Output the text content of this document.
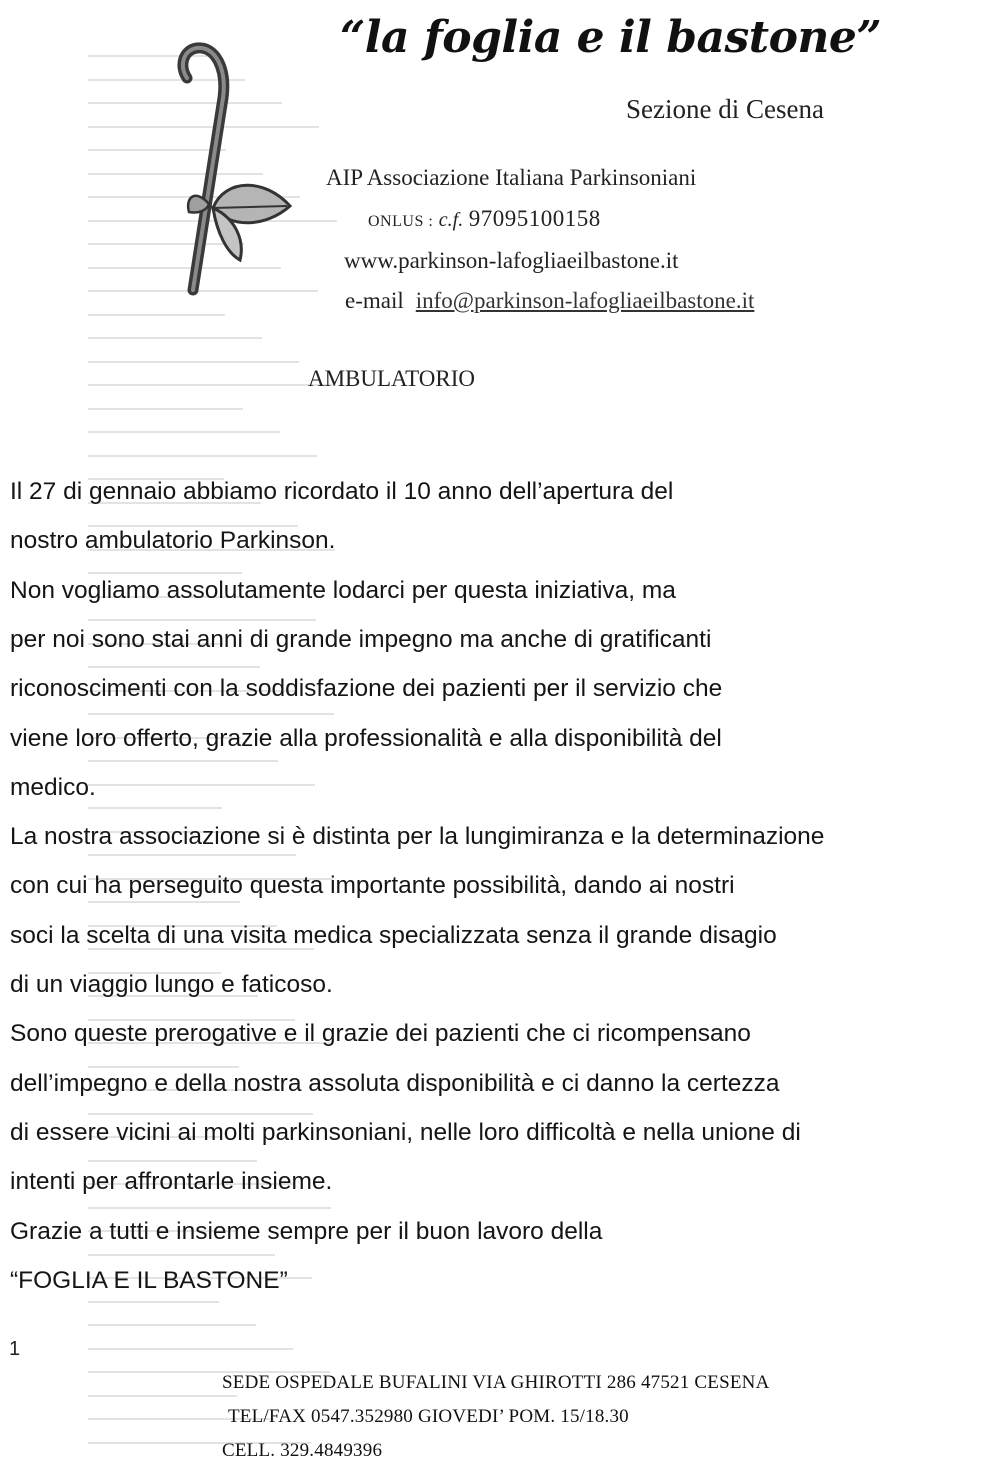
“la foglia e il bastone”
Sezione di Cesena
AIP Associazione Italiana Parkinsoniani
ONLUS : c.f. 97095100158
www.parkinson-lafogliaeilbastone.it
e-mail info@parkinson-lafogliaeilbastone.it
AMBULATORIO
Il 27 di gennaio abbiamo ricordato il 10 anno dell’apertura del
nostro ambulatorio Parkinson.
Non vogliamo assolutamente lodarci per questa iniziativa, ma
per noi sono stai anni di grande impegno ma anche di gratificanti
riconoscimenti con la soddisfazione dei pazienti per il servizio che
viene loro offerto, grazie alla professionalità e alla disponibilità del
medico.
La nostra associazione si è distinta per la lungimiranza e la determinazione
con cui ha perseguito questa importante possibilità, dando ai nostri
soci la scelta di una visita medica specializzata senza il grande disagio
di un viaggio lungo e faticoso.
Sono queste prerogative e il grazie dei pazienti che ci ricompensano
dell’impegno e della nostra assoluta disponibilità e ci danno la certezza
di essere vicini ai molti parkinsoniani, nelle loro difficoltà e nella unione di
intenti per affrontarle insieme.
Grazie a tutti e insieme sempre per il buon lavoro della
“FOGLIA E IL BASTONE”
1
SEDE OSPEDALE BUFALINI VIA GHIROTTI 286 47521 CESENA
TEL/FAX 0547.352980 GIOVEDI’ POM. 15/18.30
CELL. 329.4849396
